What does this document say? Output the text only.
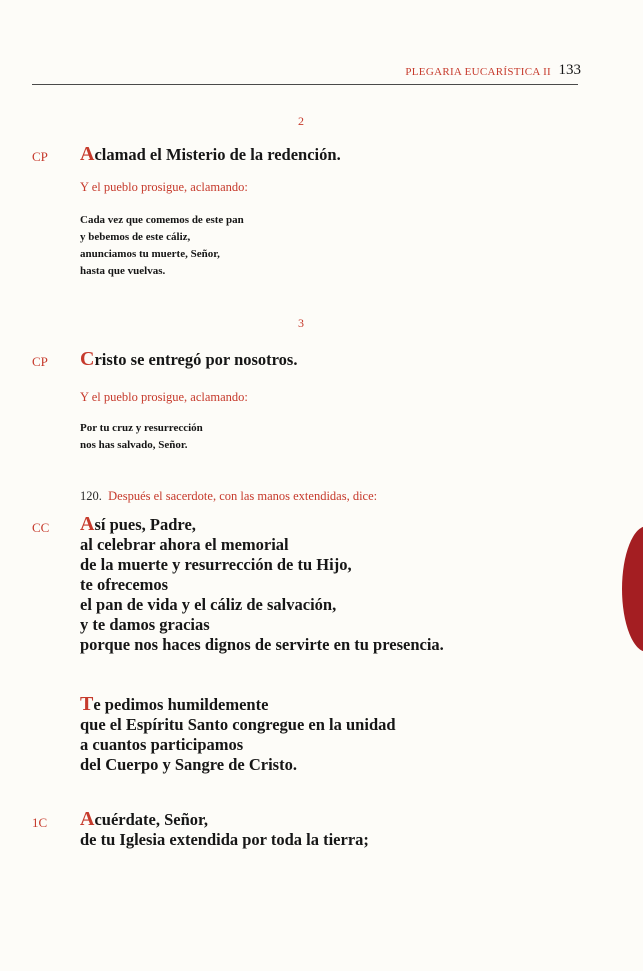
PLEGARIA EUCARÍSTICA II 133
2
CP Aclamad el Misterio de la redención.
Y el pueblo prosigue, aclamando:
Cada vez que comemos de este pan
y bebemos de este cáliz,
anunciamos tu muerte, Señor,
hasta que vuelvas.
3
CP Cristo se entregó por nosotros.
Y el pueblo prosigue, aclamando:
Por tu cruz y resurrección
nos has salvado, Señor.
120. Después el sacerdote, con las manos extendidas, dice:
CC Así pues, Padre,
al celebrar ahora el memorial
de la muerte y resurrección de tu Hijo,
te ofrecemos
el pan de vida y el cáliz de salvación,
y te damos gracias
porque nos haces dignos de servirte en tu presencia.
Te pedimos humildemente
que el Espíritu Santo congregue en la unidad
a cuantos participamos
del Cuerpo y Sangre de Cristo.
1C Acuérdate, Señor,
de tu Iglesia extendida por toda la tierra;
